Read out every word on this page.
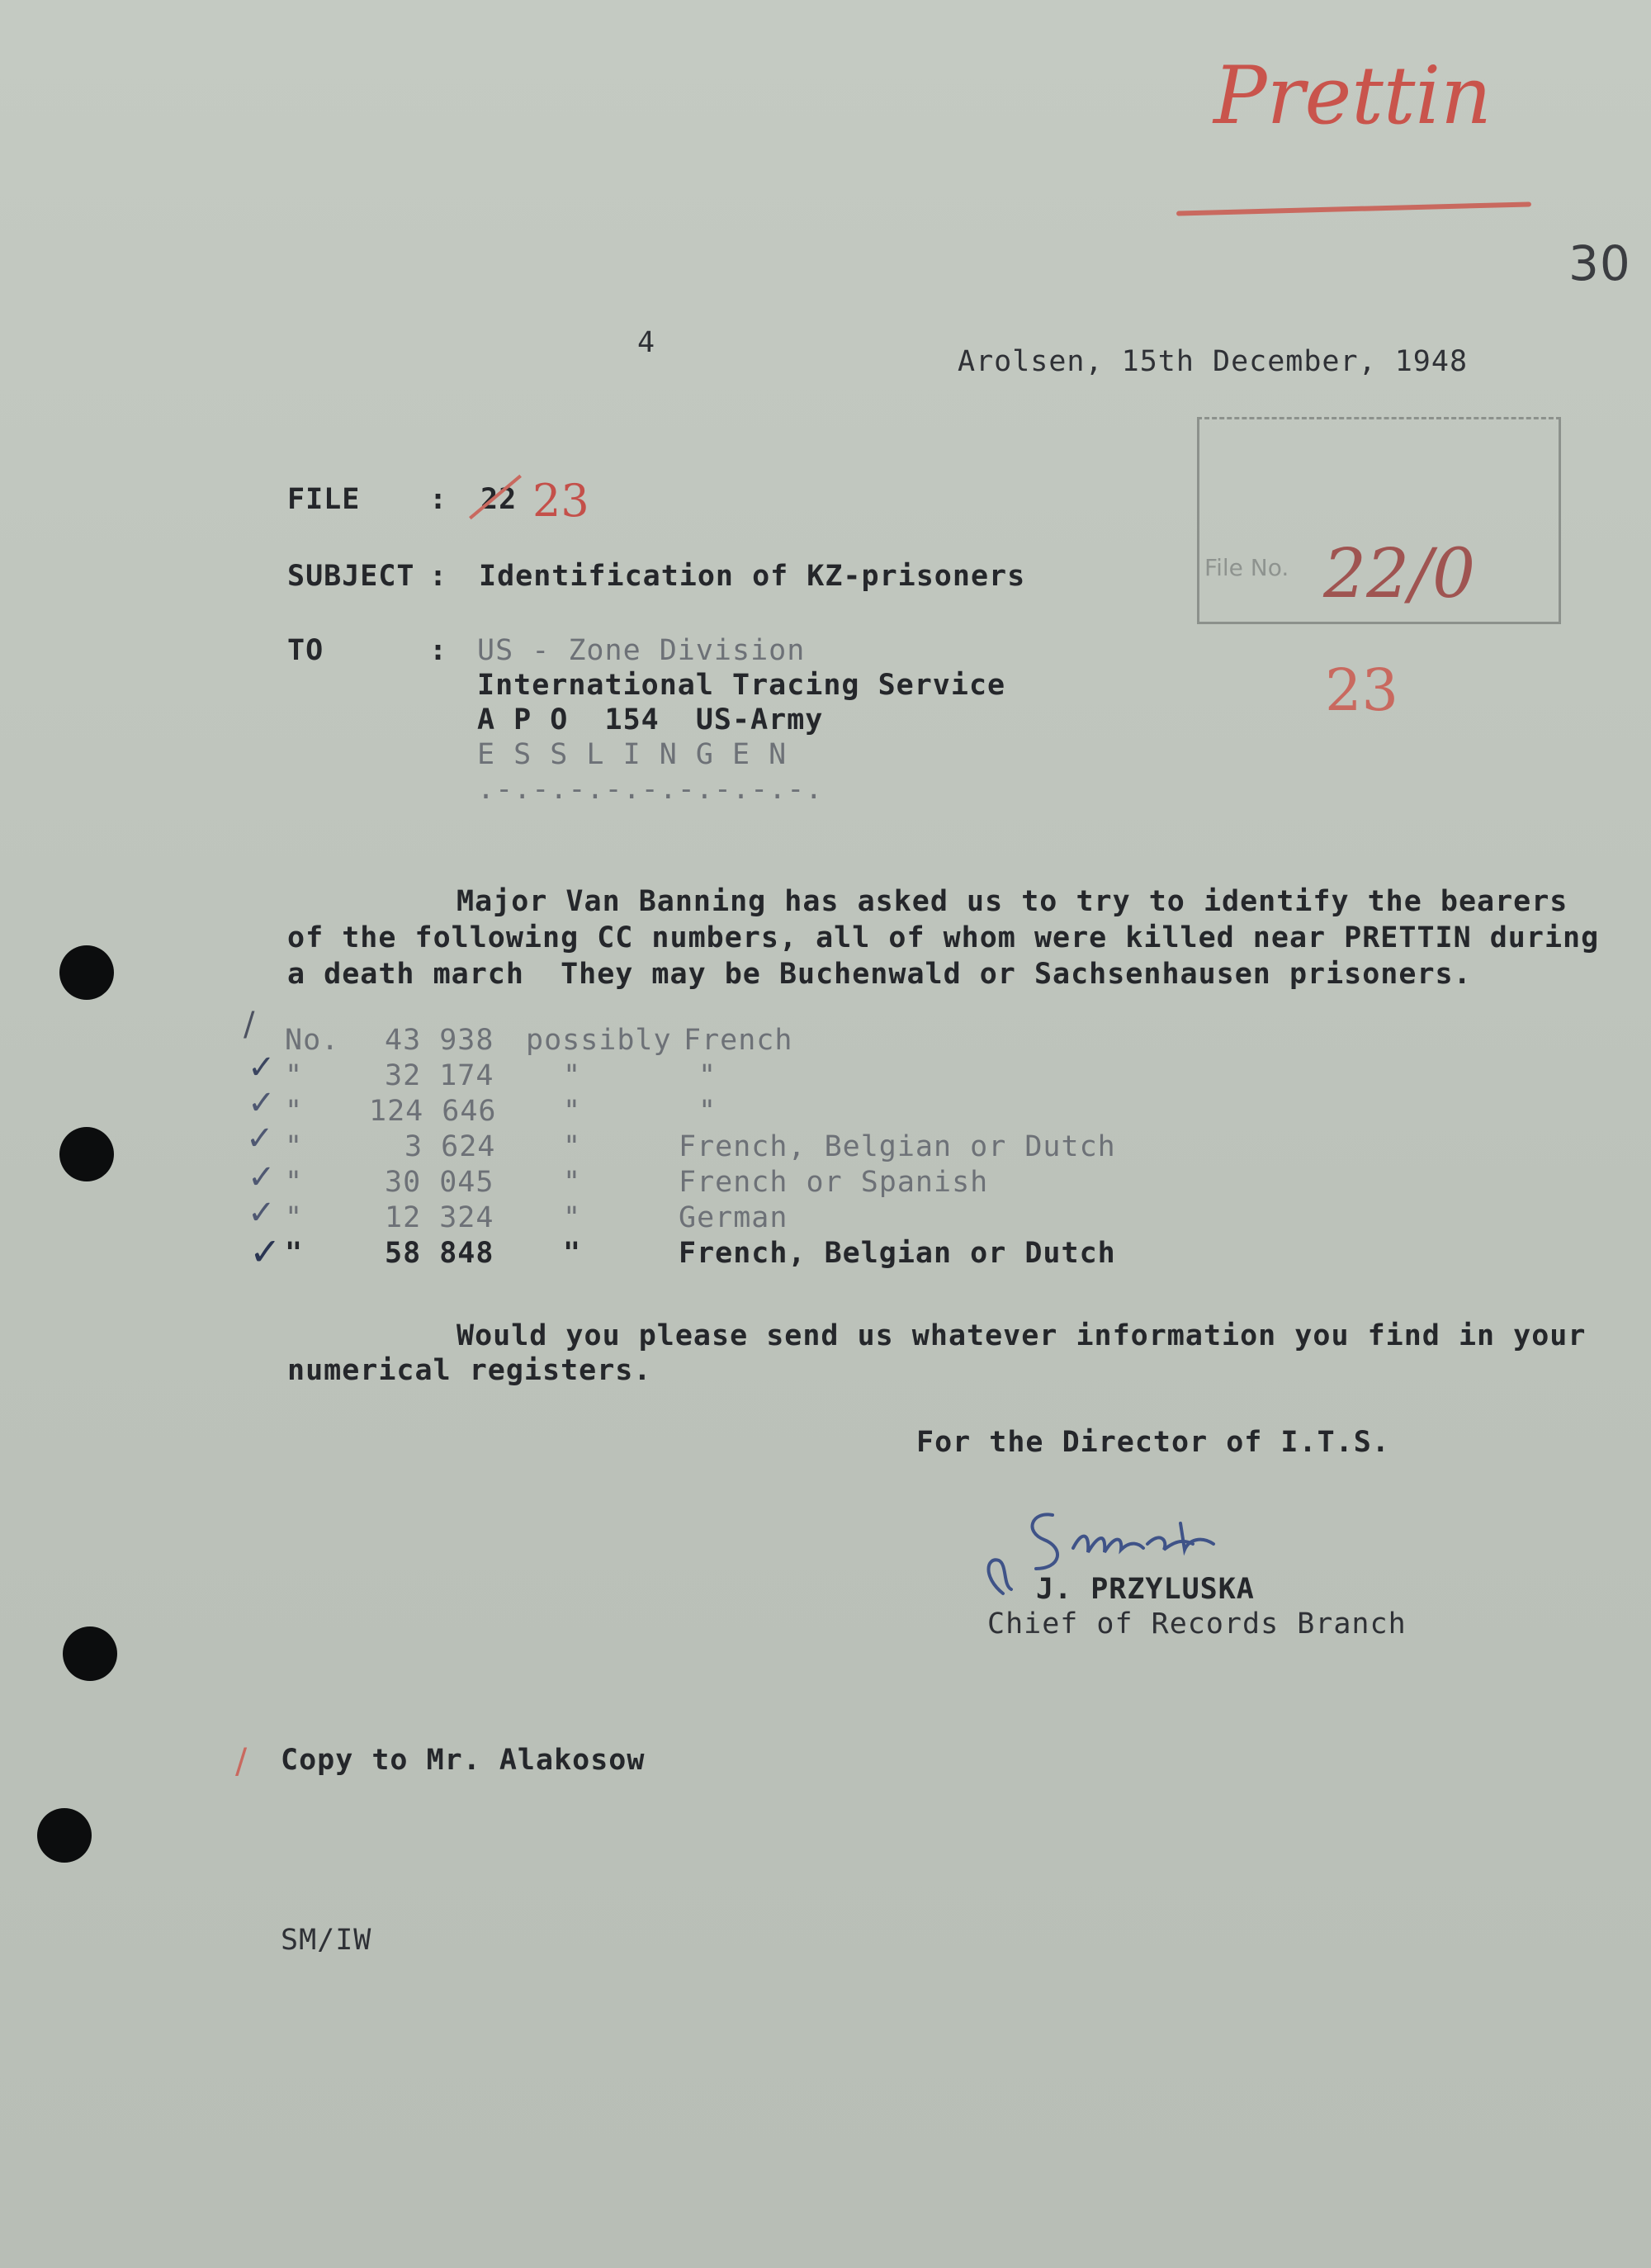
Prettin
30
4
Arolsen, 15th December, 1948
File No. 22/0
23
FILE : 22 23
SUBJECT : Identification of KZ-prisoners
TO	: US - Zone Division
International Tracing Service
A P O  154  US-Army
E S S L I N G E N
.-.-.-.-.-.-.-.-.-.
Major Van Banning has asked us to try to identify the bearers
of the following CC numbers, all of whom were killed near PRETTIN during
a death march  They may be Buchenwald or Sachsenhausen prisoners.
/
✓
✓
✓
✓
✓
✓
No. 43 938 possibly French
"	32 174 "	"
" 124 646 "	"
"	3 624 "	French, Belgian or Dutch
"	30 045 "	French or Spanish
"	12 324 "	German
"	58 848 "	French, Belgian or Dutch
Would you please send us whatever information you find in your
numerical registers.
For the Director of I.T.S.
J. PRZYLUSKA
Chief of Records Branch
/ Copy to Mr. Alakosow
SM/IW
